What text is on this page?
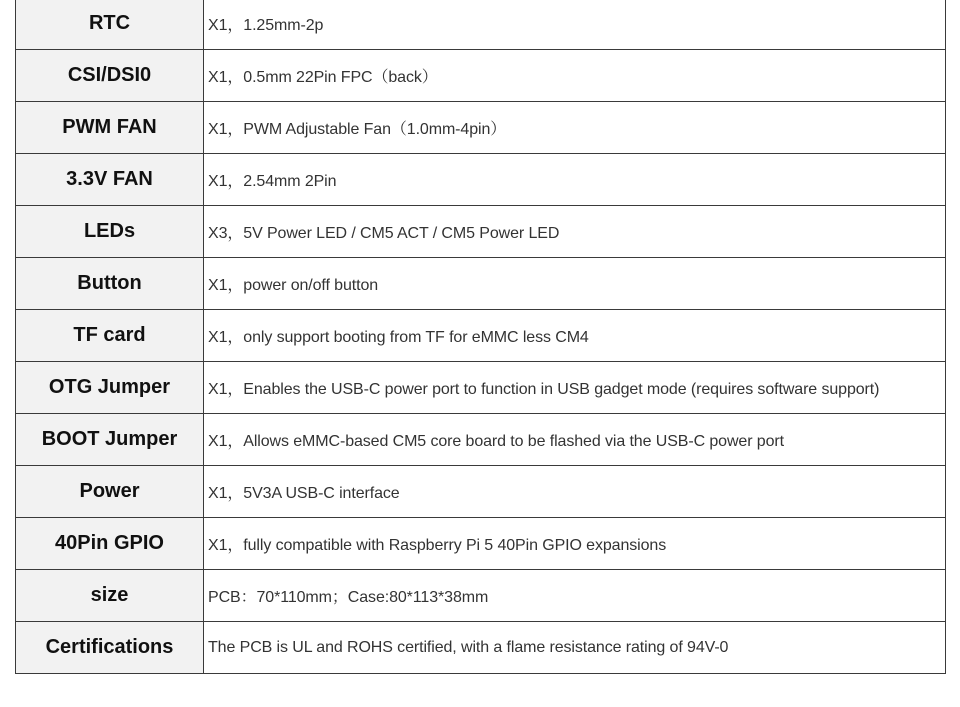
RTC	X1，1.25mm-2p
CSI/DSI0	X1，0.5mm 22Pin FPC（back）
PWM FAN	X1，PWM Adjustable Fan（1.0mm-4pin）
3.3V FAN	X1，2.54mm 2Pin
LEDs	X3，5V Power LED / CM5 ACT / CM5 Power LED
Button	X1，power on/off button
TF card	X1，only support booting from TF for eMMC less CM4
OTG Jumper	X1，Enables the USB-C power port to function in USB gadget mode (requires software support)
BOOT Jumper	X1，Allows eMMC-based CM5 core board to be flashed via the USB-C power port
Power	X1，5V3A USB-C interface
40Pin GPIO	X1，fully compatible with Raspberry Pi 5 40Pin GPIO expansions
size	PCB：70*110mm；Case:80*113*38mm
Certifications	The PCB is UL and ROHS certified, with a flame resistance rating of 94V-0
